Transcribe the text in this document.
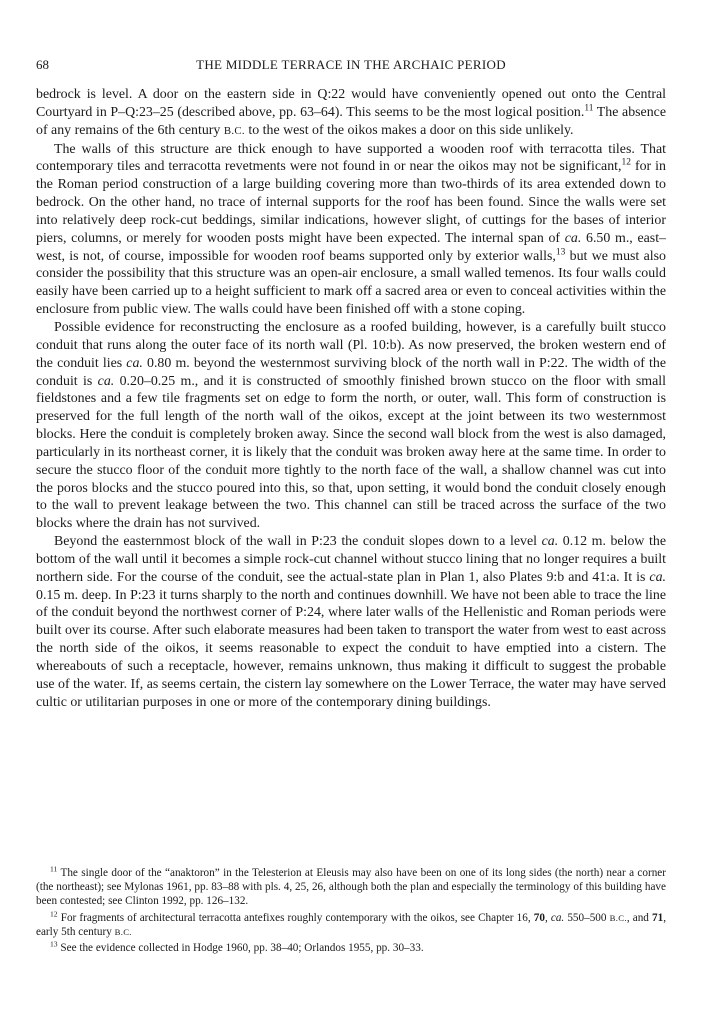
68	THE MIDDLE TERRACE IN THE ARCHAIC PERIOD

bedrock is level. A door on the eastern side in Q:22 would have conveniently opened out onto the Central Courtyard in P–Q:23–25 (described above, pp. 63–64). This seems to be the most logical position.$^{11}$ The absence of any remains of the 6th century B.C. to the west of the oikos makes a door on this side unlikely.

The walls of this structure are thick enough to have supported a wooden roof with terracotta tiles. That contemporary tiles and terracotta revetments were not found in or near the oikos may not be significant,$^{12}$ for in the Roman period construction of a large building covering more than two-thirds of its area extended down to bedrock. On the other hand, no trace of internal supports for the roof has been found. Since the walls were set into relatively deep rock-cut beddings, similar indications, however slight, of cuttings for the bases of interior piers, columns, or merely for wooden posts might have been expected. The internal span of ca. 6.50 m., east–west, is not, of course, impossible for wooden roof beams supported only by exterior walls,$^{13}$ but we must also consider the possibility that this structure was an open-air enclosure, a small walled temenos. Its four walls could easily have been carried up to a height sufficient to mark off a sacred area or even to conceal activities within the enclosure from public view. The walls could have been finished off with a stone coping.

Possible evidence for reconstructing the enclosure as a roofed building, however, is a carefully built stucco conduit that runs along the outer face of its north wall (Pl. 10:b). As now preserved, the broken western end of the conduit lies ca. 0.80 m. beyond the westernmost surviving block of the north wall in P:22. The width of the conduit is ca. 0.20–0.25 m., and it is constructed of smoothly finished brown stucco on the floor with small fieldstones and a few tile fragments set on edge to form the north, or outer, wall. This form of construction is preserved for the full length of the north wall of the oikos, except at the joint between its two westernmost blocks. Here the conduit is completely broken away. Since the second wall block from the west is also damaged, particularly in its northeast corner, it is likely that the conduit was broken away here at the same time. In order to secure the stucco floor of the conduit more tightly to the north face of the wall, a shallow channel was cut into the poros blocks and the stucco poured into this, so that, upon setting, it would bond the conduit closely enough to the wall to prevent leakage between the two. This channel can still be traced across the surface of the two blocks where the drain has not survived.

Beyond the easternmost block of the wall in P:23 the conduit slopes down to a level ca. 0.12 m. below the bottom of the wall until it becomes a simple rock-cut channel without stucco lining that no longer requires a built northern side. For the course of the conduit, see the actual-state plan in Plan 1, also Plates 9:b and 41:a. It is ca. 0.15 m. deep. In P:23 it turns sharply to the north and continues downhill. We have not been able to trace the line of the conduit beyond the northwest corner of P:24, where later walls of the Hellenistic and Roman periods were built over its course. After such elaborate measures had been taken to transport the water from west to east across the north side of the oikos, it seems reasonable to expect the conduit to have emptied into a cistern. The whereabouts of such a receptacle, however, remains unknown, thus making it difficult to suggest the probable use of the water. If, as seems certain, the cistern lay somewhere on the Lower Terrace, the water may have served cultic or utilitarian purposes in one or more of the contemporary dining buildings.

$^{11}$ The single door of the “anaktoron” in the Telesterion at Eleusis may also have been on one of its long sides (the north) near a corner (the northeast); see Mylonas 1961, pp. 83–88 with pls. 4, 25, 26, although both the plan and especially the terminology of this building have been contested; see Clinton 1992, pp. 126–132.

$^{12}$ For fragments of architectural terracotta antefixes roughly contemporary with the oikos, see Chapter 16, 70, ca. 550–500 B.C., and 71, early 5th century B.C.

$^{13}$ See the evidence collected in Hodge 1960, pp. 38–40; Orlandos 1955, pp. 30–33.
